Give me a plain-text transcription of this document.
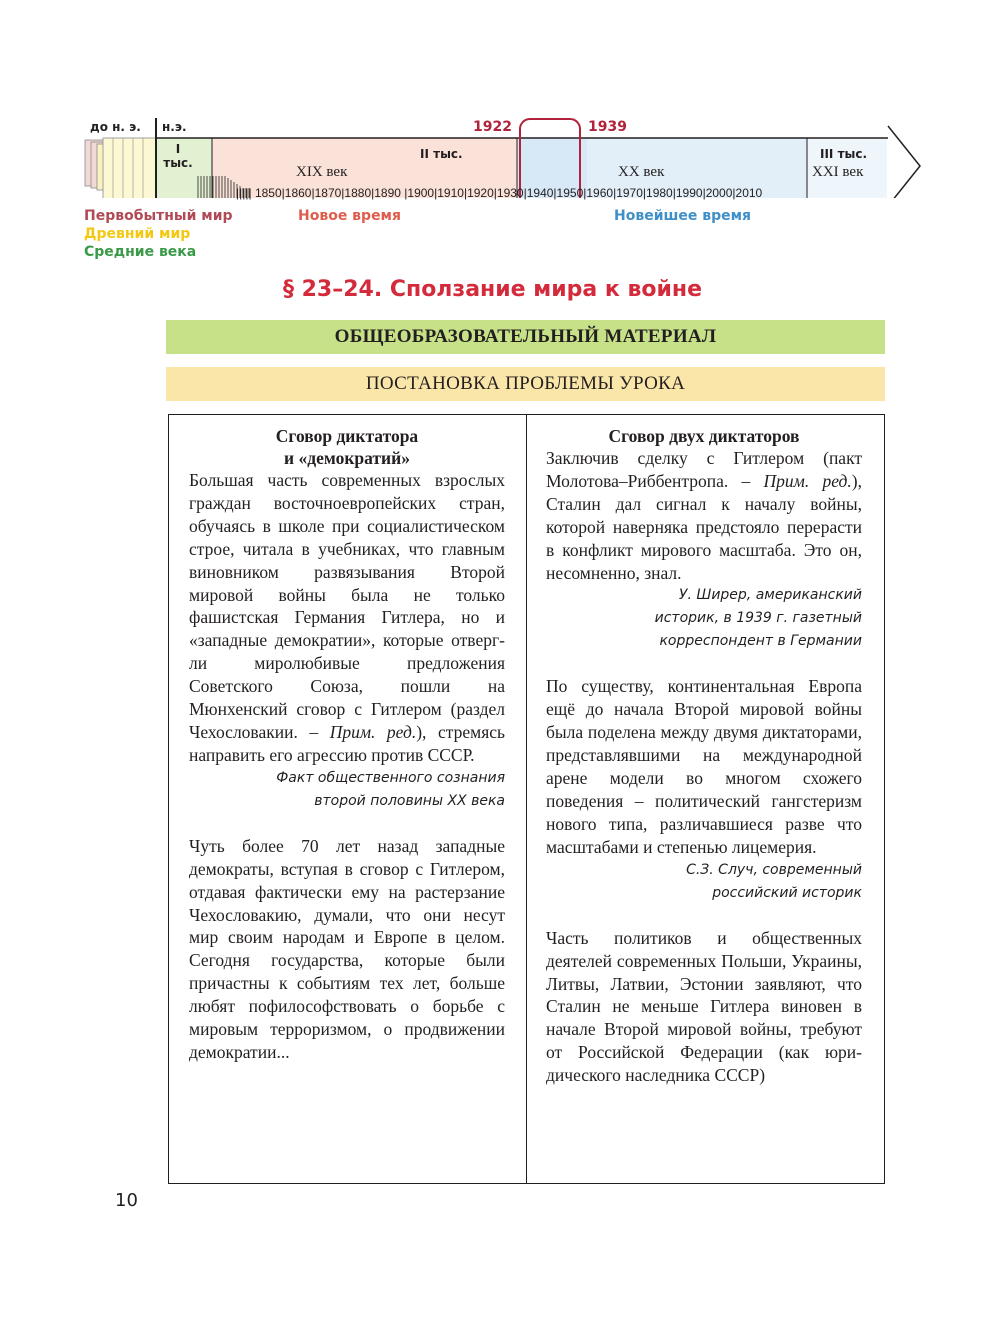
до н. э. н.э.	1922	1939
I тыс.
II тыс.	III тыс.
XIX век	XX век	XXI век
||||| 1850|1860|1870|1880|1890 |1900|1910|1920|1930|1940|1950|1960|1970|1980|1990|2000|2010
Первобытный мир	Новое время	Новейшее время
Древний мир
Средние века
§ 23–24. Сползание мира к войне
ОБЩЕОБРАЗОВАТЕЛЬНЫЙ МАТЕРИАЛ
ПОСТАНОВКА ПРОБЛЕМЫ УРОКА
Сговор диктатора
и «демократий»

Большая часть современных взрослых граждан восточноевропейских стран, обучаясь в школе при социалистическом строе, читала в учебниках, что главным виновником развязывания Второй мировой войны была не только фашистская Германия Гитлера, но и «западные демократии», которые отвергли миролюбивые предложения Советского Союза, пошли на Мюнхенский сговор с Гитлером (раздел Чехословакии. – Прим. ред.), стремясь направить его агрессию против СССР.

Факт общественного сознания

второй половины XX века

Чуть более 70 лет назад западные демократы, вступая в сговор с Гитлером, отдавая фактически ему на растерзание Чехословакию, думали, что они несут мир своим народам и Европе в целом. Сегодня государства, которые были причастны к событиям тех лет, больше любят пофилософствовать о борьбе с мировым терроризмом, о продвижении демократии...

Сговор двух диктаторов

Заключив сделку с Гитлером (пакт Молотова–Риббентропа. – Прим. ред.), Сталин дал сигнал к началу войны, которой наверняка предстояло перерасти в конфликт мирового масштаба. Это он, несомненно, знал.

У. Ширер, американский

историк, в 1939 г. газетный

корреспондент в Германии

По существу, континентальная Европа ещё до начала Второй мировой войны была поделена между двумя диктаторами, представлявшими на международной арене модели во многом схожего поведения – политический гангстеризм нового типа, различавшиеся разве что масштабами и степенью лицемерия.

С.З. Случ, современный

российский историк

Часть политиков и общественных деятелей современных Польши, Украины, Литвы, Латвии, Эстонии заявляют, что Сталин не меньше Гитлера виновен в начале Второй мировой войны, требуют от Российской Федерации (как юридического наследника СССР)

10
